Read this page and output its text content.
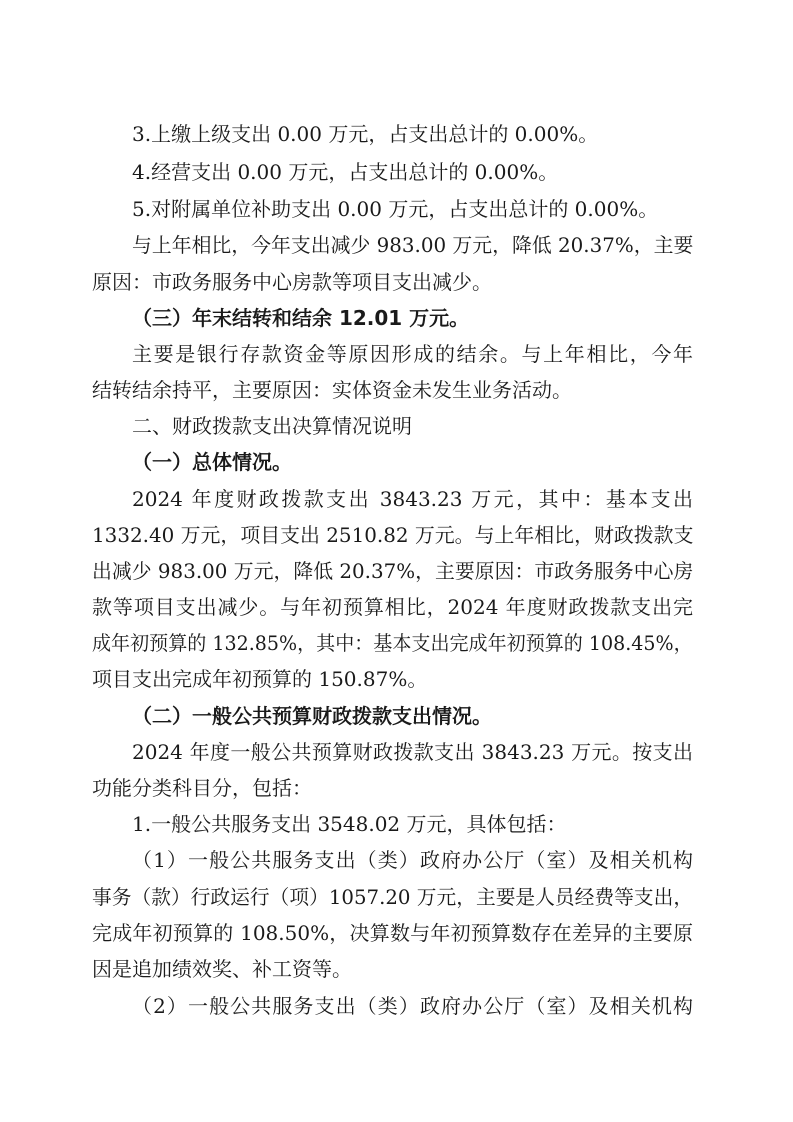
3.上缴上级支出 0.00 万元，占支出总计的 0.00%。
4.经营支出 0.00 万元，占支出总计的 0.00%。
5.对附属单位补助支出 0.00 万元，占支出总计的 0.00%。
与上年相比，今年支出减少 983.00 万元，降低 20.37%，主要
原因：市政务服务中心房款等项目支出减少。
（三）年末结转和结余 12.01 万元。
主要是银行存款资金等原因形成的结余。与上年相比，今年
结转结余持平，主要原因：实体资金未发生业务活动。
二、财政拨款支出决算情况说明
（一）总体情况。
2024 年度财政拨款支出 3843.23 万元，其中：基本支出
1332.40 万元，项目支出 2510.82 万元。与上年相比，财政拨款支
出减少 983.00 万元，降低 20.37%，主要原因：市政务服务中心房
款等项目支出减少。与年初预算相比，2024 年度财政拨款支出完
成年初预算的 132.85%，其中：基本支出完成年初预算的 108.45%，
项目支出完成年初预算的 150.87%。
（二）一般公共预算财政拨款支出情况。
2024 年度一般公共预算财政拨款支出 3843.23 万元。按支出
功能分类科目分，包括：
1.一般公共服务支出 3548.02 万元，具体包括：
（1）一般公共服务支出（类）政府办公厅（室）及相关机构
事务（款）行政运行（项）1057.20 万元，主要是人员经费等支出，
完成年初预算的 108.50%，决算数与年初预算数存在差异的主要原
因是追加绩效奖、补工资等。
（2）一般公共服务支出（类）政府办公厅（室）及相关机构
